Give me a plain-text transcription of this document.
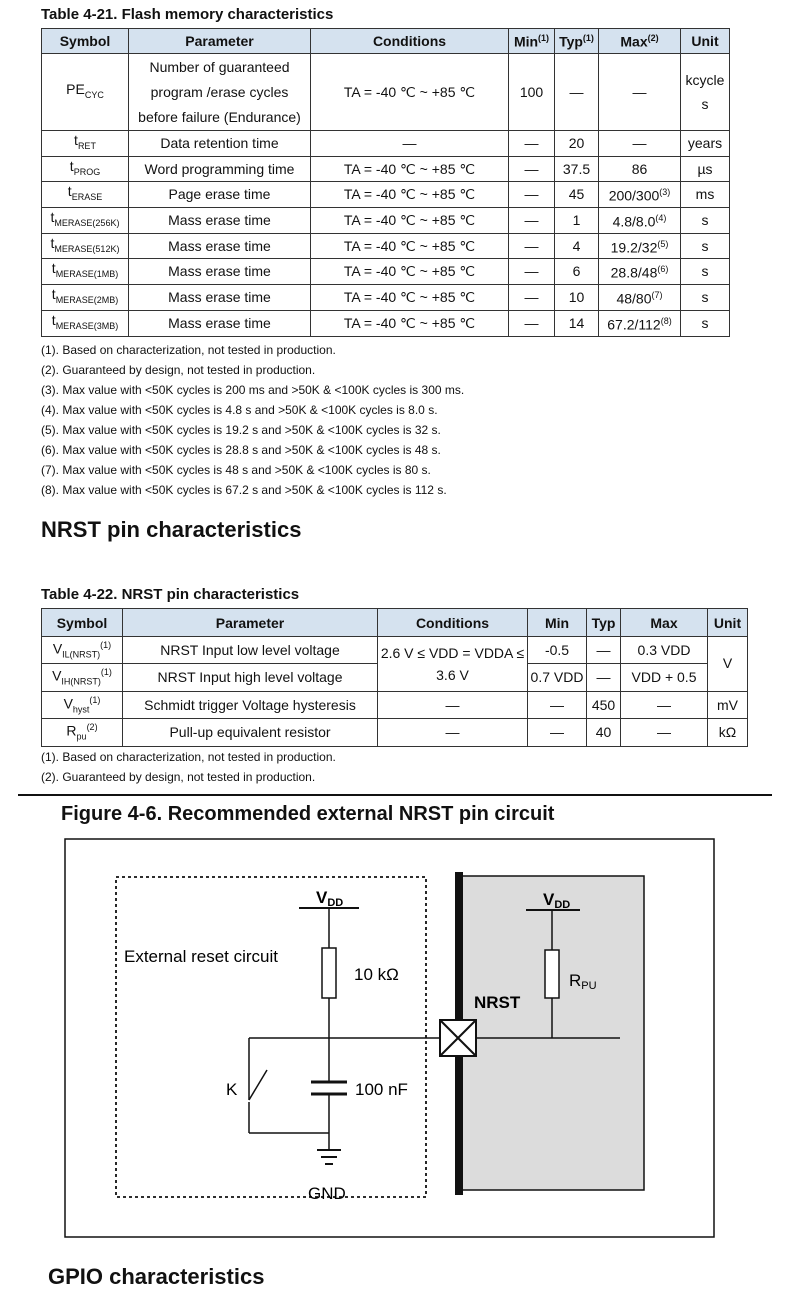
Table 4-21. Flash memory characteristics
Symbol	Parameter	Conditions	Min$^{(1)}$	Typ$^{(1)}$	Max$^{(2)}$	Unit
$PE_{CYC}$	Number of guaranteed
program /erase cycles
before failure (Endurance)	TA = -40 ℃ ~ +85 ℃	100	—	—	kcycle
s
$t_{RET}$	Data retention time	—	—	20	—	years
$t_{PROG}$	Word programming time	TA = -40 ℃ ~ +85 ℃	—	37.5	86	µs
$t_{ERASE}$	Page erase time	TA = -40 ℃ ~ +85 ℃	—	45	200/300$^{(3)}$	ms
$t_{MERASE(256K)}$	Mass erase time	TA = -40 ℃ ~ +85 ℃	—	1	4.8/8.0$^{(4)}$	s
$t_{MERASE(512K)}$	Mass erase time	TA = -40 ℃ ~ +85 ℃	—	4	19.2/32$^{(5)}$	s
$t_{MERASE(1MB)}$	Mass erase time	TA = -40 ℃ ~ +85 ℃	—	6	28.8/48$^{(6)}$	s
$t_{MERASE(2MB)}$	Mass erase time	TA = -40 ℃ ~ +85 ℃	—	10	48/80$^{(7)}$	s
$t_{MERASE(3MB)}$	Mass erase time	TA = -40 ℃ ~ +85 ℃	—	14	67.2/112$^{(8)}$	s
(1). Based on characterization, not tested in production.
(2). Guaranteed by design, not tested in production.
(3). Max value with <50K cycles is 200 ms and >50K & <100K cycles is 300 ms.
(4). Max value with <50K cycles is 4.8 s and >50K & <100K cycles is 8.0 s.
(5). Max value with <50K cycles is 19.2 s and >50K & <100K cycles is 32 s.
(6). Max value with <50K cycles is 28.8 s and >50K & <100K cycles is 48 s.
(7). Max value with <50K cycles is 48 s and >50K & <100K cycles is 80 s.
(8). Max value with <50K cycles is 67.2 s and >50K & <100K cycles is 112 s.
NRST pin characteristics
Table 4-22. NRST pin characteristics
Symbol	Parameter	Conditions	Min	Typ	Max	Unit
$V_{IL(NRST)}^{(1)}$	NRST Input low level voltage	2.6 V ≤ VDD = VDDA ≤
3.6 V	-0.5	—	0.3 VDD	V
$V_{IH(NRST)}^{(1)}$	NRST Input high level voltage		0.7 VDD	—	VDD + 0.5	
$V_{hyst}^{(1)}$	Schmidt trigger Voltage hysteresis	—	—	450	—	mV
$R_{pu}^{(2)}$	Pull-up equivalent resistor	—	—	40	—	kΩ
(1). Based on characterization, not tested in production.
(2). Guaranteed by design, not tested in production.
Figure 4-6. Recommended external NRST pin circuit
VDD	VDD
External reset circuit
10 kΩ
100 nF
K
GND
NRST
RPU
GPIO characteristics
